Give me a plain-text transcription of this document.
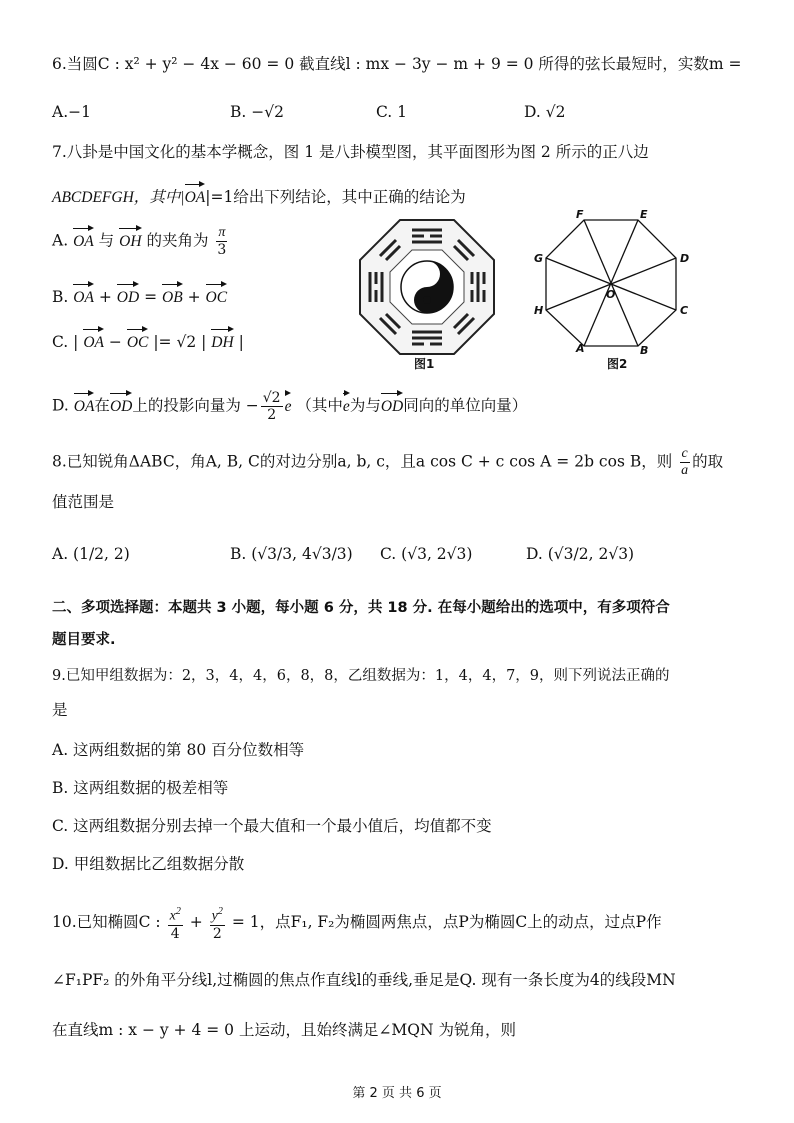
6.当圆C : x² + y² − 4x − 60 = 0 截直线l : mx − 3y − m + 9 = 0 所得的弦长最短时，实数m =
A.−1	B. −√2	C. 1	D. √2
7.八卦是中国文化的基本学概念，图 1 是八卦模型图，其平面图形为图 2 所示的正八边
ABCDEFGH，其中|OA|=1给出下列结论，其中正确的结论为
A. OA 与 OH 的夹角为 $\frac{\pi}{3}$
B. OA + OD = OB + OC
C. | OA − OC |= √2 | DH |
图1
A	B
C
D
E
F
G
H
O
图2
D. OA在OD上的投影向量为 − $\frac{√2}{2}$ e （其中e为与OD同向的单位向量）
8.已知锐角ΔABC，角A, B, C的对边分别a, b, c，且a cos C + c cos A = 2b cos B，则 $\frac{c}{a}$ 的取
值范围是
A. (1/2, 2)	B. (√3/3, 4√3/3) C. (√3, 2√3)	D. (√3/2, 2√3)
二、多项选择题：本题共 3 小题，每小题 6 分，共 18 分. 在每小题给出的选项中，有多项符合
题目要求.
9.已知甲组数据为：2，3，4，4，6，8，8，乙组数据为：1，4，4，7，9，则下列说法正确的
是
A. 这两组数据的第 80 百分位数相等
B. 这两组数据的极差相等
C. 这两组数据分别去掉一个最大值和一个最小值后，均值都不变
D. 甲组数据比乙组数据分散
10.已知椭圆C : $\frac{x^2}{4} + \frac{y^2}{2} = 1$，点F₁, F₂为椭圆两焦点，点P为椭圆C上的动点，过点P作
∠F₁PF₂ 的外角平分线l,过椭圆的焦点作直线l的垂线,垂足是Q. 现有一条长度为4的线段MN
在直线m : x − y + 4 = 0 上运动，且始终满足∠MQN 为锐角，则
第 2 页 共 6 页
